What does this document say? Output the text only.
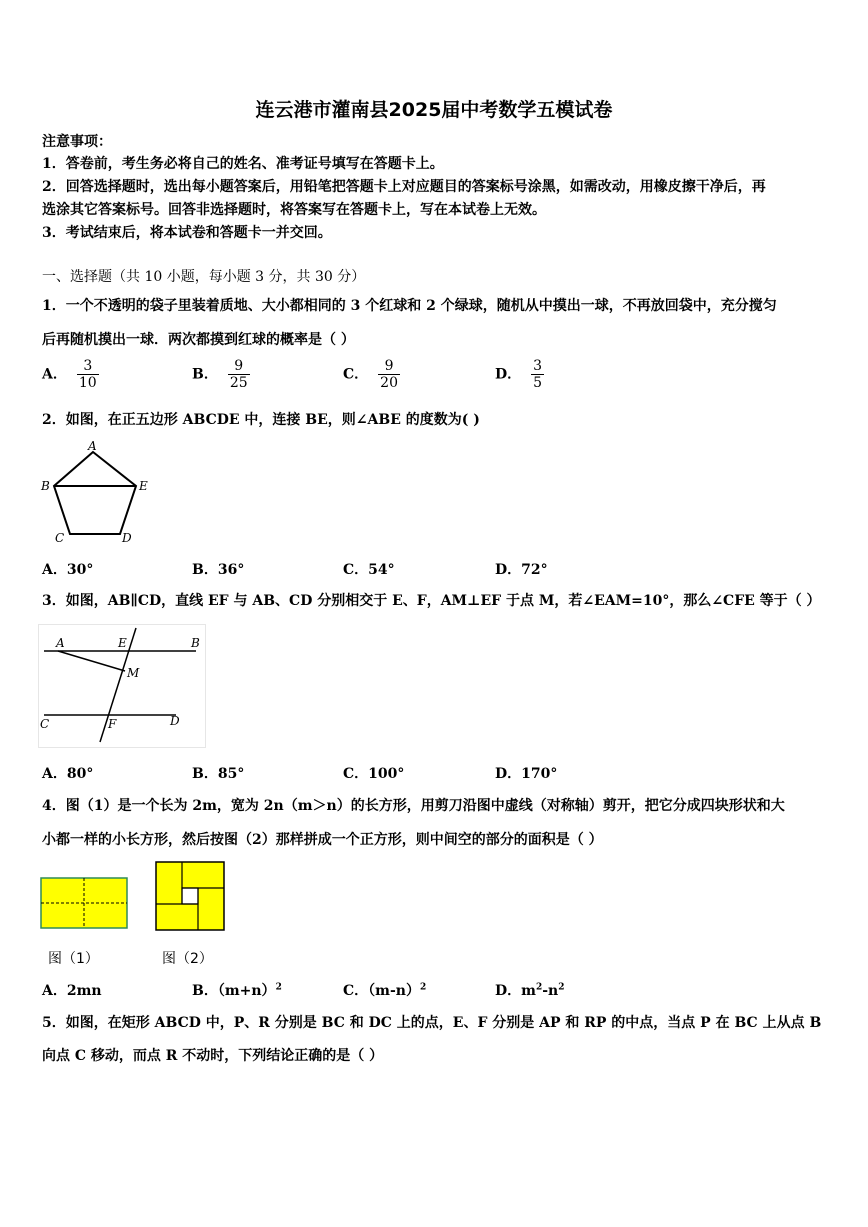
连云港市灌南县2025届中考数学五模试卷
注意事项：
1．答卷前，考生务必将自己的姓名、准考证号填写在答题卡上。
2．回答选择题时，选出每小题答案后，用铅笔把答题卡上对应题目的答案标号涂黑，如需改动，用橡皮擦干净后，再
选涂其它答案标号。回答非选择题时，将答案写在答题卡上，写在本试卷上无效。
3．考试结束后，将本试卷和答题卡一并交回。
一、选择题（共 10 小题，每小题 3 分，共 30 分）
1．一个不透明的袋子里装着质地、大小都相同的 3 个红球和 2 个绿球，随机从中摸出一球，不再放回袋中，充分搅匀
后再随机摸出一球．两次都摸到红球的概率是（ ）
A． $\frac{3}{10}$	B． $\frac{9}{25}$	C． $\frac{9}{20}$	D． $\frac{3}{5}$
2．如图，在正五边形 ABCDE 中，连接 BE，则∠ABE 的度数为( )
A
B	E
C	D
A．30°	B．36°	C．54°	D．72°
3．如图，AB∥CD，直线 EF 与 AB、CD 分别相交于 E、F，AM⊥EF 于点 M，若∠EAM=10°，那么∠CFE 等于（ ）
A	E	B
M
C	F	D
A．80°	B．85°	C．100°	D．170°
4．图（1）是一个长为 2m，宽为 2n（m＞n）的长方形，用剪刀沿图中虚线（对称轴）剪开，把它分成四块形状和大
小都一样的小长方形，然后按图（2）那样拼成一个正方形，则中间空的部分的面积是（ ）
图（1）	图（2）
A．2mn	B．$(m+n)^2$	C．$(m-n)^2$	D．$m^2-n^2$
5．如图，在矩形 ABCD 中，P、R 分别是 BC 和 DC 上的点，E、F 分别是 AP 和 RP 的中点，当点 P 在 BC 上从点 B
向点 C 移动，而点 R 不动时，下列结论正确的是（ ）
